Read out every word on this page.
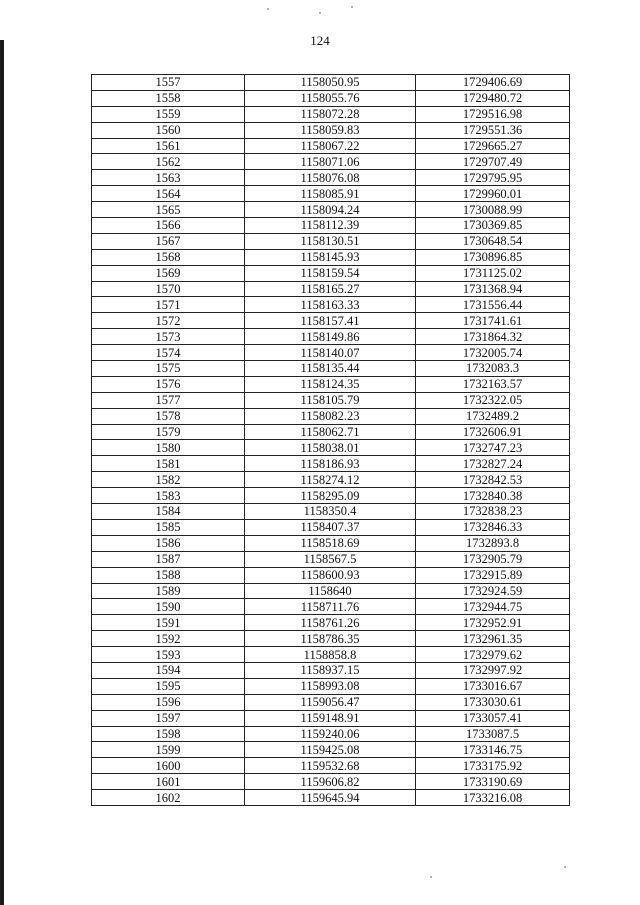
124
1557	1158050.95	1729406.69
1558	1158055.76	1729480.72
1559	1158072.28	1729516.98
1560	1158059.83	1729551.36
1561	1158067.22	1729665.27
1562	1158071.06	1729707.49
1563	1158076.08	1729795.95
1564	1158085.91	1729960.01
1565	1158094.24	1730088.99
1566	1158112.39	1730369.85
1567	1158130.51	1730648.54
1568	1158145.93	1730896.85
1569	1158159.54	1731125.02
1570	1158165.27	1731368.94
1571	1158163.33	1731556.44
1572	1158157.41	1731741.61
1573	1158149.86	1731864.32
1574	1158140.07	1732005.74
1575	1158135.44	1732083.3
1576	1158124.35	1732163.57
1577	1158105.79	1732322.05
1578	1158082.23	1732489.2
1579	1158062.71	1732606.91
1580	1158038.01	1732747.23
1581	1158186.93	1732827.24
1582	1158274.12	1732842.53
1583	1158295.09	1732840.38
1584	1158350.4	1732838.23
1585	1158407.37	1732846.33
1586	1158518.69	1732893.8
1587	1158567.5	1732905.79
1588	1158600.93	1732915.89
1589	1158640	1732924.59
1590	1158711.76	1732944.75
1591	1158761.26	1732952.91
1592	1158786.35	1732961.35
1593	1158858.8	1732979.62
1594	1158937.15	1732997.92
1595	1158993.08	1733016.67
1596	1159056.47	1733030.61
1597	1159148.91	1733057.41
1598	1159240.06	1733087.5
1599	1159425.08	1733146.75
1600	1159532.68	1733175.92
1601	1159606.82	1733190.69
1602	1159645.94	1733216.08
